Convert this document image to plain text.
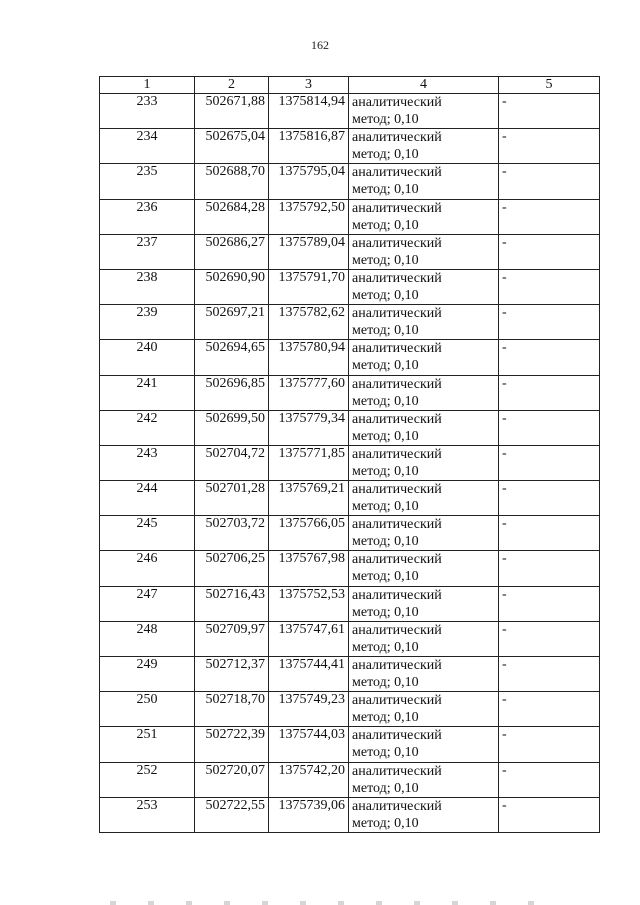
162
1	2	3	4	5
233	502671,88	1375814,94	аналитический
метод; 0,10	-
234	502675,04	1375816,87	аналитический
метод; 0,10	-
235	502688,70	1375795,04	аналитический
метод; 0,10	-
236	502684,28	1375792,50	аналитический
метод; 0,10	-
237	502686,27	1375789,04	аналитический
метод; 0,10	-
238	502690,90	1375791,70	аналитический
метод; 0,10	-
239	502697,21	1375782,62	аналитический
метод; 0,10	-
240	502694,65	1375780,94	аналитический
метод; 0,10	-
241	502696,85	1375777,60	аналитический
метод; 0,10	-
242	502699,50	1375779,34	аналитический
метод; 0,10	-
243	502704,72	1375771,85	аналитический
метод; 0,10	-
244	502701,28	1375769,21	аналитический
метод; 0,10	-
245	502703,72	1375766,05	аналитический
метод; 0,10	-
246	502706,25	1375767,98	аналитический
метод; 0,10	-
247	502716,43	1375752,53	аналитический
метод; 0,10	-
248	502709,97	1375747,61	аналитический
метод; 0,10	-
249	502712,37	1375744,41	аналитический
метод; 0,10	-
250	502718,70	1375749,23	аналитический
метод; 0,10	-
251	502722,39	1375744,03	аналитический
метод; 0,10	-
252	502720,07	1375742,20	аналитический
метод; 0,10	-
253	502722,55	1375739,06	аналитический
метод; 0,10	-
